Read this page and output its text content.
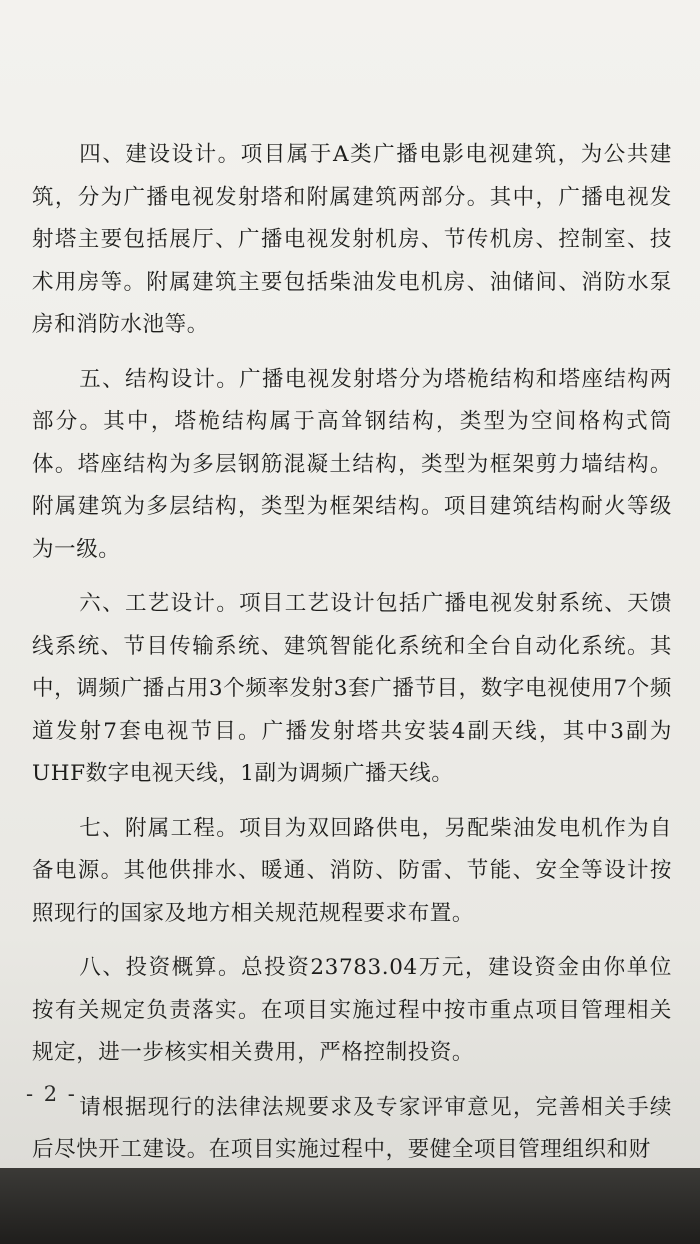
四、建设设计。项目属于A类广播电影电视建筑，为公共建筑，分为广播电视发射塔和附属建筑两部分。其中，广播电视发射塔主要包括展厅、广播电视发射机房、节传机房、控制室、技术用房等。附属建筑主要包括柴油发电机房、油储间、消防水泵房和消防水池等。

五、结构设计。广播电视发射塔分为塔桅结构和塔座结构两部分。其中，塔桅结构属于高耸钢结构，类型为空间格构式筒体。塔座结构为多层钢筋混凝土结构，类型为框架剪力墙结构。附属建筑为多层结构，类型为框架结构。项目建筑结构耐火等级为一级。

六、工艺设计。项目工艺设计包括广播电视发射系统、天馈线系统、节目传输系统、建筑智能化系统和全台自动化系统。其中，调频广播占用3个频率发射3套广播节目，数字电视使用7个频道发射7套电视节目。广播发射塔共安装4副天线，其中3副为UHF数字电视天线，1副为调频广播天线。

七、附属工程。项目为双回路供电，另配柴油发电机作为自备电源。其他供排水、暖通、消防、防雷、节能、安全等设计按照现行的国家及地方相关规范规程要求布置。

八、投资概算。总投资23783.04万元，建设资金由你单位按有关规定负责落实。在项目实施过程中按市重点项目管理相关规定，进一步核实相关费用，严格控制投资。

请根据现行的法律法规要求及专家评审意见，完善相关手续后尽快开工建设。在项目实施过程中，要健全项目管理组织和财

- 2 -
